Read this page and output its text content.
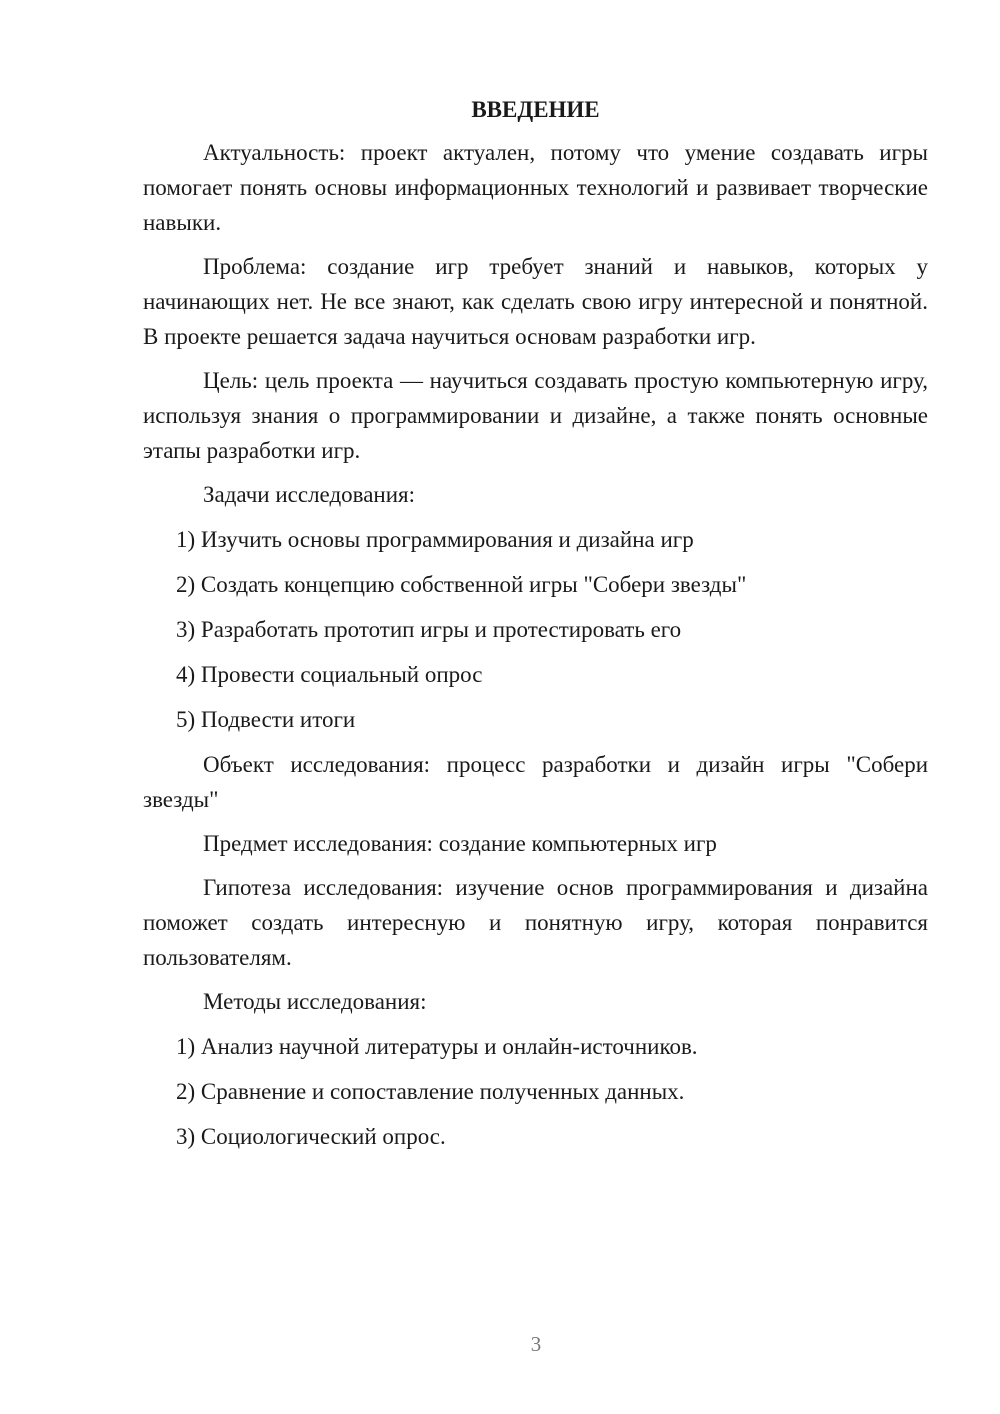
ВВЕДЕНИЕ

Актуальность: проект актуален, потому что умение создавать игры помогает понять основы информационных технологий и развивает творческие навыки.

Проблема: создание игр требует знаний и навыков, которых у начинающих нет. Не все знают, как сделать свою игру интересной и понятной. В проекте решается задача научиться основам разработки игр.

Цель: цель проекта — научиться создавать простую компьютерную игру, используя знания о программировании и дизайне, а также понять основные этапы разработки игр.

Задачи исследования:
1) Изучить основы программирования и дизайна игр
2) Создать концепцию собственной игры "Собери звезды"
3) Разработать прототип игры и протестировать его
4) Провести социальный опрос
5) Подвести итоги

Объект исследования: процесс разработки и дизайн игры "Собери звезды"

Предмет исследования: создание компьютерных игр

Гипотеза исследования: изучение основ программирования и дизайна поможет создать интересную и понятную игру, которая понравится пользователям.

Методы исследования:
1) Анализ научной литературы и онлайн-источников.
2) Сравнение и сопоставление полученных данных.
3) Социологический опрос.
3
